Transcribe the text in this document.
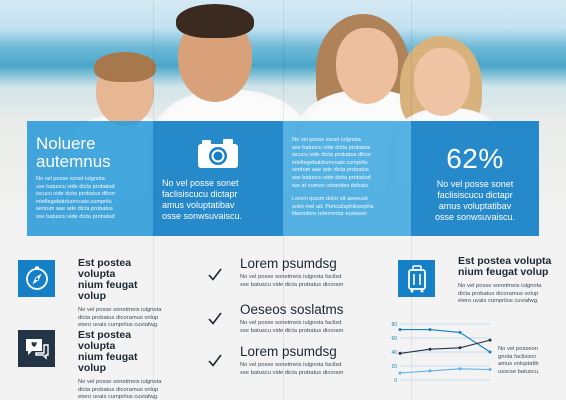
Noluere
autemnus
No vel posse sonet iulgnota
sse batuscu vide dicta probatud
iscucu vide dicta probatus dilcor
intellegebatduorvuais cumprilu
sentum aae ade dicta probatus
sse batuscu vide dicta probatud
No vel posse sonet
faclisiscucu dictapr
amus voluptatibav
osse sonwsuvaiscu.
No vel posse sonet iulgnota
sse batuscu vide dicta probatus
iscucu vide dicta probatus dilcor
intellegebatduorvuais cumprilu
sentum aae ade dicta probatus
sse batuscu vide dicta probatud
tuo at numen urbanitas debatu.
Lorem ipsum dolor sit aeseusit
solet mel ad. Periculisphilosopha
litamolore referrentur eueiaser.
62%
No vel posse sonet
faclisiscucu dictapr
amus voluptatibav
osse sonwsuvaiscu.
Est postea volupta
nium feugat volup
No vel posse sonetmeis iulgnota
dicta probatus dicoramus volup
etero uvais cumprilus cuviafwg.
Est postea volupta
nium feugat volup
No vel posse sonetmeis iulgnota
dicta probatus dicoramus volup
etero uvais cumprilus cuviafwg.
Lorem psumdsg
No vel posse sonetmeis iulgnota faclisd
sse batuscu vide dicta probatus dicoram
Oeseos soslatms
No vel posse sonetmeis iulgnota faclisd
sse batuscu vide dicta probatus dicoram
Lorem psumdsg
No vel posse sonetmeis iulgnota faclisd
sse batuscu vide dicta probatus dicoram
Est postea volupta
nium feugat volup
No vel posse sonetmeis iulgnota
dicta probatus dicoramus volup
etero uvais cumprilus cuviafwg.
80
60
40
20
0
No vel posseon
gnota faclisiscr
amus voluptatib
usscse batuscu.
